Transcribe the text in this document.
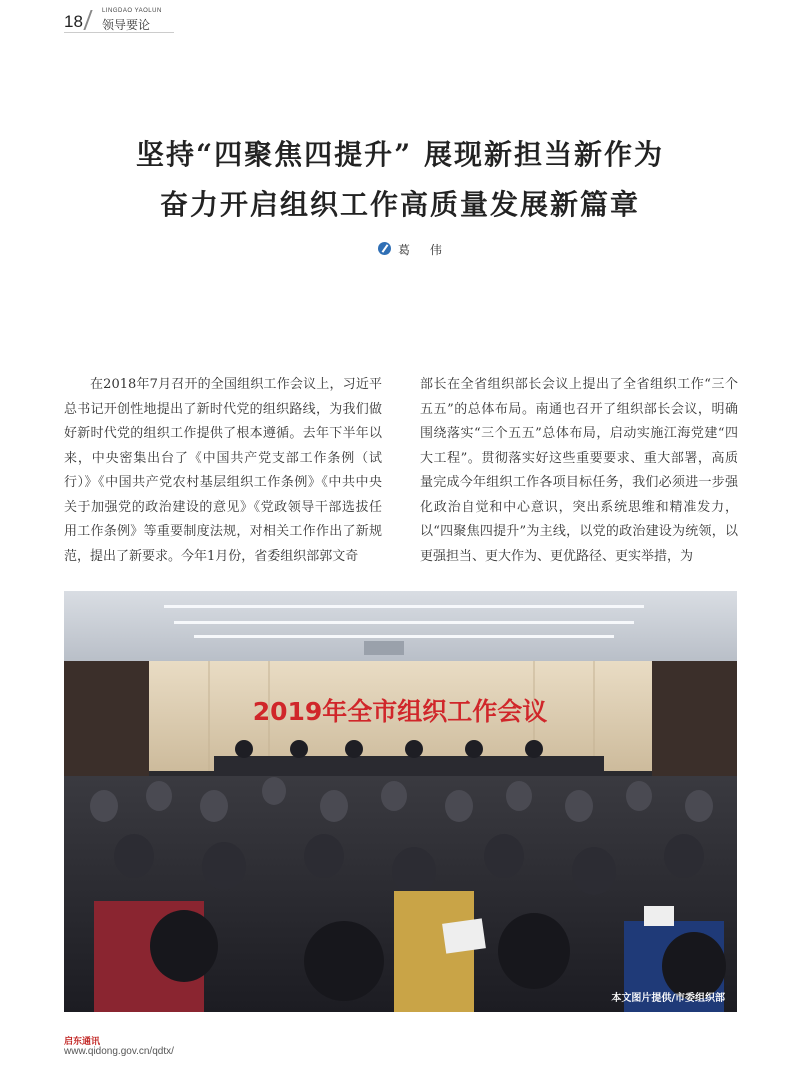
18
LINGDAO YAOLUN
领导要论
坚持“四聚焦四提升” 展现新担当新作为
奋力开启组织工作高质量发展新篇章
葛 伟

在2018年7月召开的全国组织工作会议上，习近平总书记开创性地提出了新时代党的组织路线，为我们做好新时代党的组织工作提供了根本遵循。去年下半年以来，中央密集出台了《中国共产党支部工作条例（试行）》《中国共产党农村基层组织工作条例》《中共中央关于加强党的政治建设的意见》《党政领导干部选拔任用工作条例》等重要制度法规，对相关工作作出了新规范，提出了新要求。今年1月份，省委组织部郭文奇

部长在全省组织部长会议上提出了全省组织工作“三个五五”的总体布局。南通也召开了组织部长会议，明确围绕落实“三个五五”总体布局，启动实施江海党建“四大工程”。贯彻落实好这些重要要求、重大部署，高质量完成今年组织工作各项目标任务，我们必须进一步强化政治自觉和中心意识，突出系统思维和精准发力，以“四聚焦四提升”为主线，以党的政治建设为统领，以更强担当、更大作为、更优路径、更实举措，为

2019年全市组织工作会议
本文图片提供/市委组织部
启东通讯
www.qidong.gov.cn/qdtx/
